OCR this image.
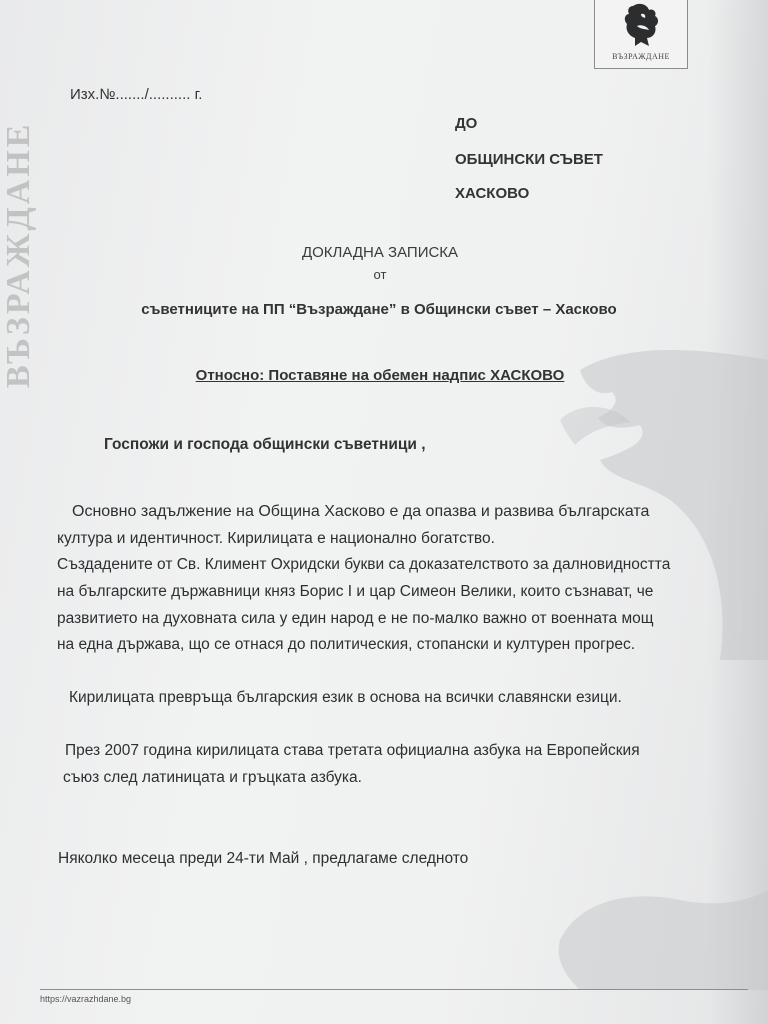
ВЪЗРАЖДАНЕ
ВЪЗРАЖДАНЕ
Изх.№......./.......... г.
ДО
ОБЩИНСКИ СЪВЕТ
ХАСКОВО
ДОКЛАДНА ЗАПИСКА
от
съветниците на ПП “Възраждане” в Общински съвет – Хасково
Относно: Поставяне на обемен надпис ХАСКОВО
Госпожи и господа общински съветници ,
Основно задължение на Община Хасково е да опазва и развива българската
култура и идентичност. Кирилицата е национално богатство.
Създадените от Св. Климент Охридски букви са доказателството за далновидността
на българските държавници княз Борис I и цар Симеон Велики, които съзнават, че
развитието на духовната сила у един народ е не по-малко важно от военната мощ
на една държава, що се отнася до политическия, стопански и културен прогрес.
Кирилицата превръща българския език в основа на всички славянски езици.
През 2007 година кирилицата става третата официална азбука на Европейския
съюз след латиницата и гръцката азбука.
Няколко месеца преди 24-ти Май , предлагаме следното
https://vazrazhdane.bg
